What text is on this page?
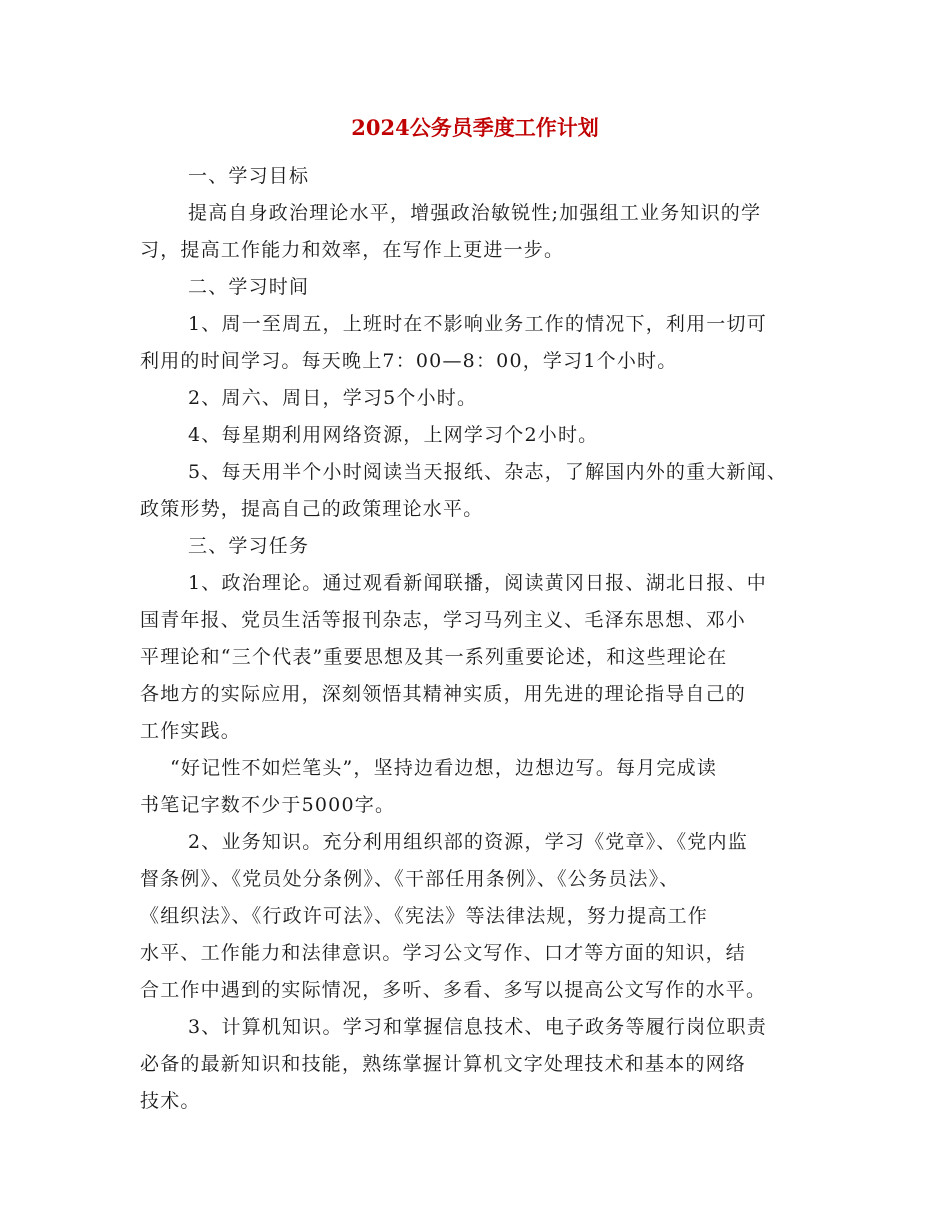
2024公务员季度工作计划
一、学习目标
提高自身政治理论水平，增强政治敏锐性;加强组工业务知识的学
习，提高工作能力和效率，在写作上更进一步。
二、学习时间
1、周一至周五，上班时在不影响业务工作的情况下，利用一切可
利用的时间学习。每天晚上7：00—8：00，学习1个小时。
2、周六、周日，学习5个小时。
4、每星期利用网络资源，上网学习个2小时。
5、每天用半个小时阅读当天报纸、杂志，了解国内外的重大新闻、
政策形势，提高自己的政策理论水平。
三、学习任务
1、政治理论。通过观看新闻联播，阅读黄冈日报、湖北日报、中
国青年报、党员生活等报刊杂志，学习马列主义、毛泽东思想、邓小
平理论和“三个代表”重要思想及其一系列重要论述，和这些理论在
各地方的实际应用，深刻领悟其精神实质，用先进的理论指导自己的
工作实践。
“好记性不如烂笔头”，坚持边看边想，边想边写。每月完成读
书笔记字数不少于5000字。
2、业务知识。充分利用组织部的资源，学习《党章》、《党内监
督条例》、《党员处分条例》、《干部任用条例》、《公务员法》、
《组织法》、《行政许可法》、《宪法》等法律法规，努力提高工作
水平、工作能力和法律意识。学习公文写作、口才等方面的知识，结
合工作中遇到的实际情况，多听、多看、多写以提高公文写作的水平。
3、计算机知识。学习和掌握信息技术、电子政务等履行岗位职责
必备的最新知识和技能，熟练掌握计算机文字处理技术和基本的网络
技术。
